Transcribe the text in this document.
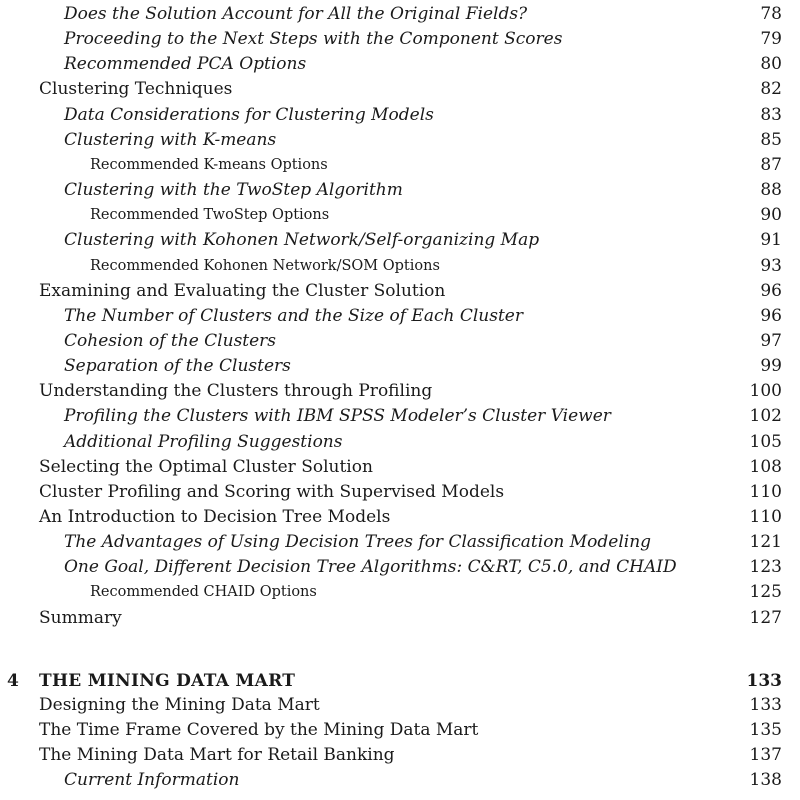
Does the Solution Account for All the Original Fields?	78
Proceeding to the Next Steps with the Component Scores	79
Recommended PCA Options	80
Clustering Techniques	82
Data Considerations for Clustering Models	83
Clustering with K-means	85
Recommended K-means Options	87
Clustering with the TwoStep Algorithm	88
Recommended TwoStep Options	90
Clustering with Kohonen Network/Self-organizing Map	91
Recommended Kohonen Network/SOM Options	93
Examining and Evaluating the Cluster Solution	96
The Number of Clusters and the Size of Each Cluster	96
Cohesion of the Clusters	97
Separation of the Clusters	99
Understanding the Clusters through Profiling	100
Profiling the Clusters with IBM SPSS Modeler’s Cluster Viewer	102
Additional Profiling Suggestions	105
Selecting the Optimal Cluster Solution	108
Cluster Profiling and Scoring with Supervised Models	110
An Introduction to Decision Tree Models	110
The Advantages of Using Decision Trees for Classification Modeling	121
One Goal, Different Decision Tree Algorithms: C&RT, C5.0, and CHAID	123
Recommended CHAID Options	125
Summary	127
4 THE MINING DATA MART	133
Designing the Mining Data Mart	133
The Time Frame Covered by the Mining Data Mart	135
The Mining Data Mart for Retail Banking	137
Current Information	138
